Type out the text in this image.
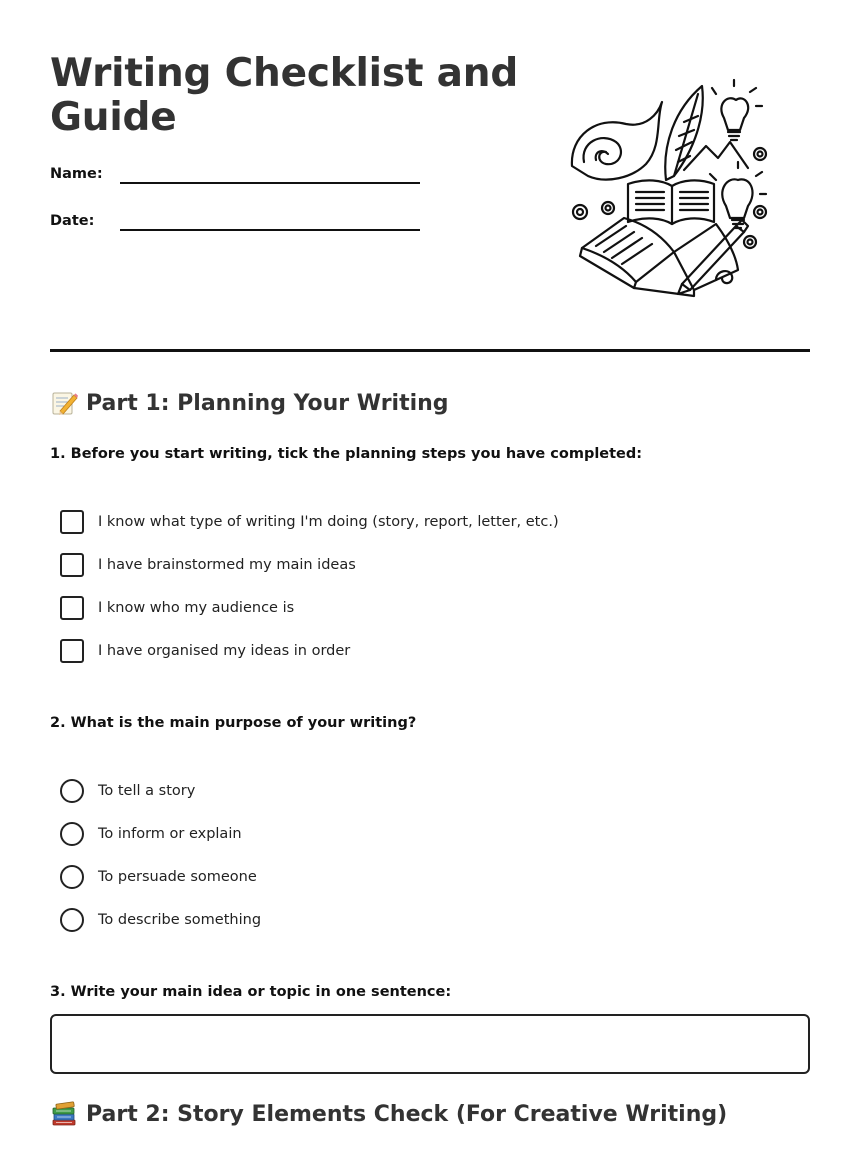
Writing Checklist and Guide
Name:
Date:
Part 1: Planning Your Writing

1. Before you start writing, tick the planning steps you have completed:

I know what type of writing I'm doing (story, report, letter, etc.)
I have brainstormed my main ideas
I know who my audience is
I have organised my ideas in order

2. What is the main purpose of your writing?

To tell a story
To inform or explain
To persuade someone
To describe something

3. Write your main idea or topic in one sentence:

Part 2: Story Elements Check (For Creative Writing)
